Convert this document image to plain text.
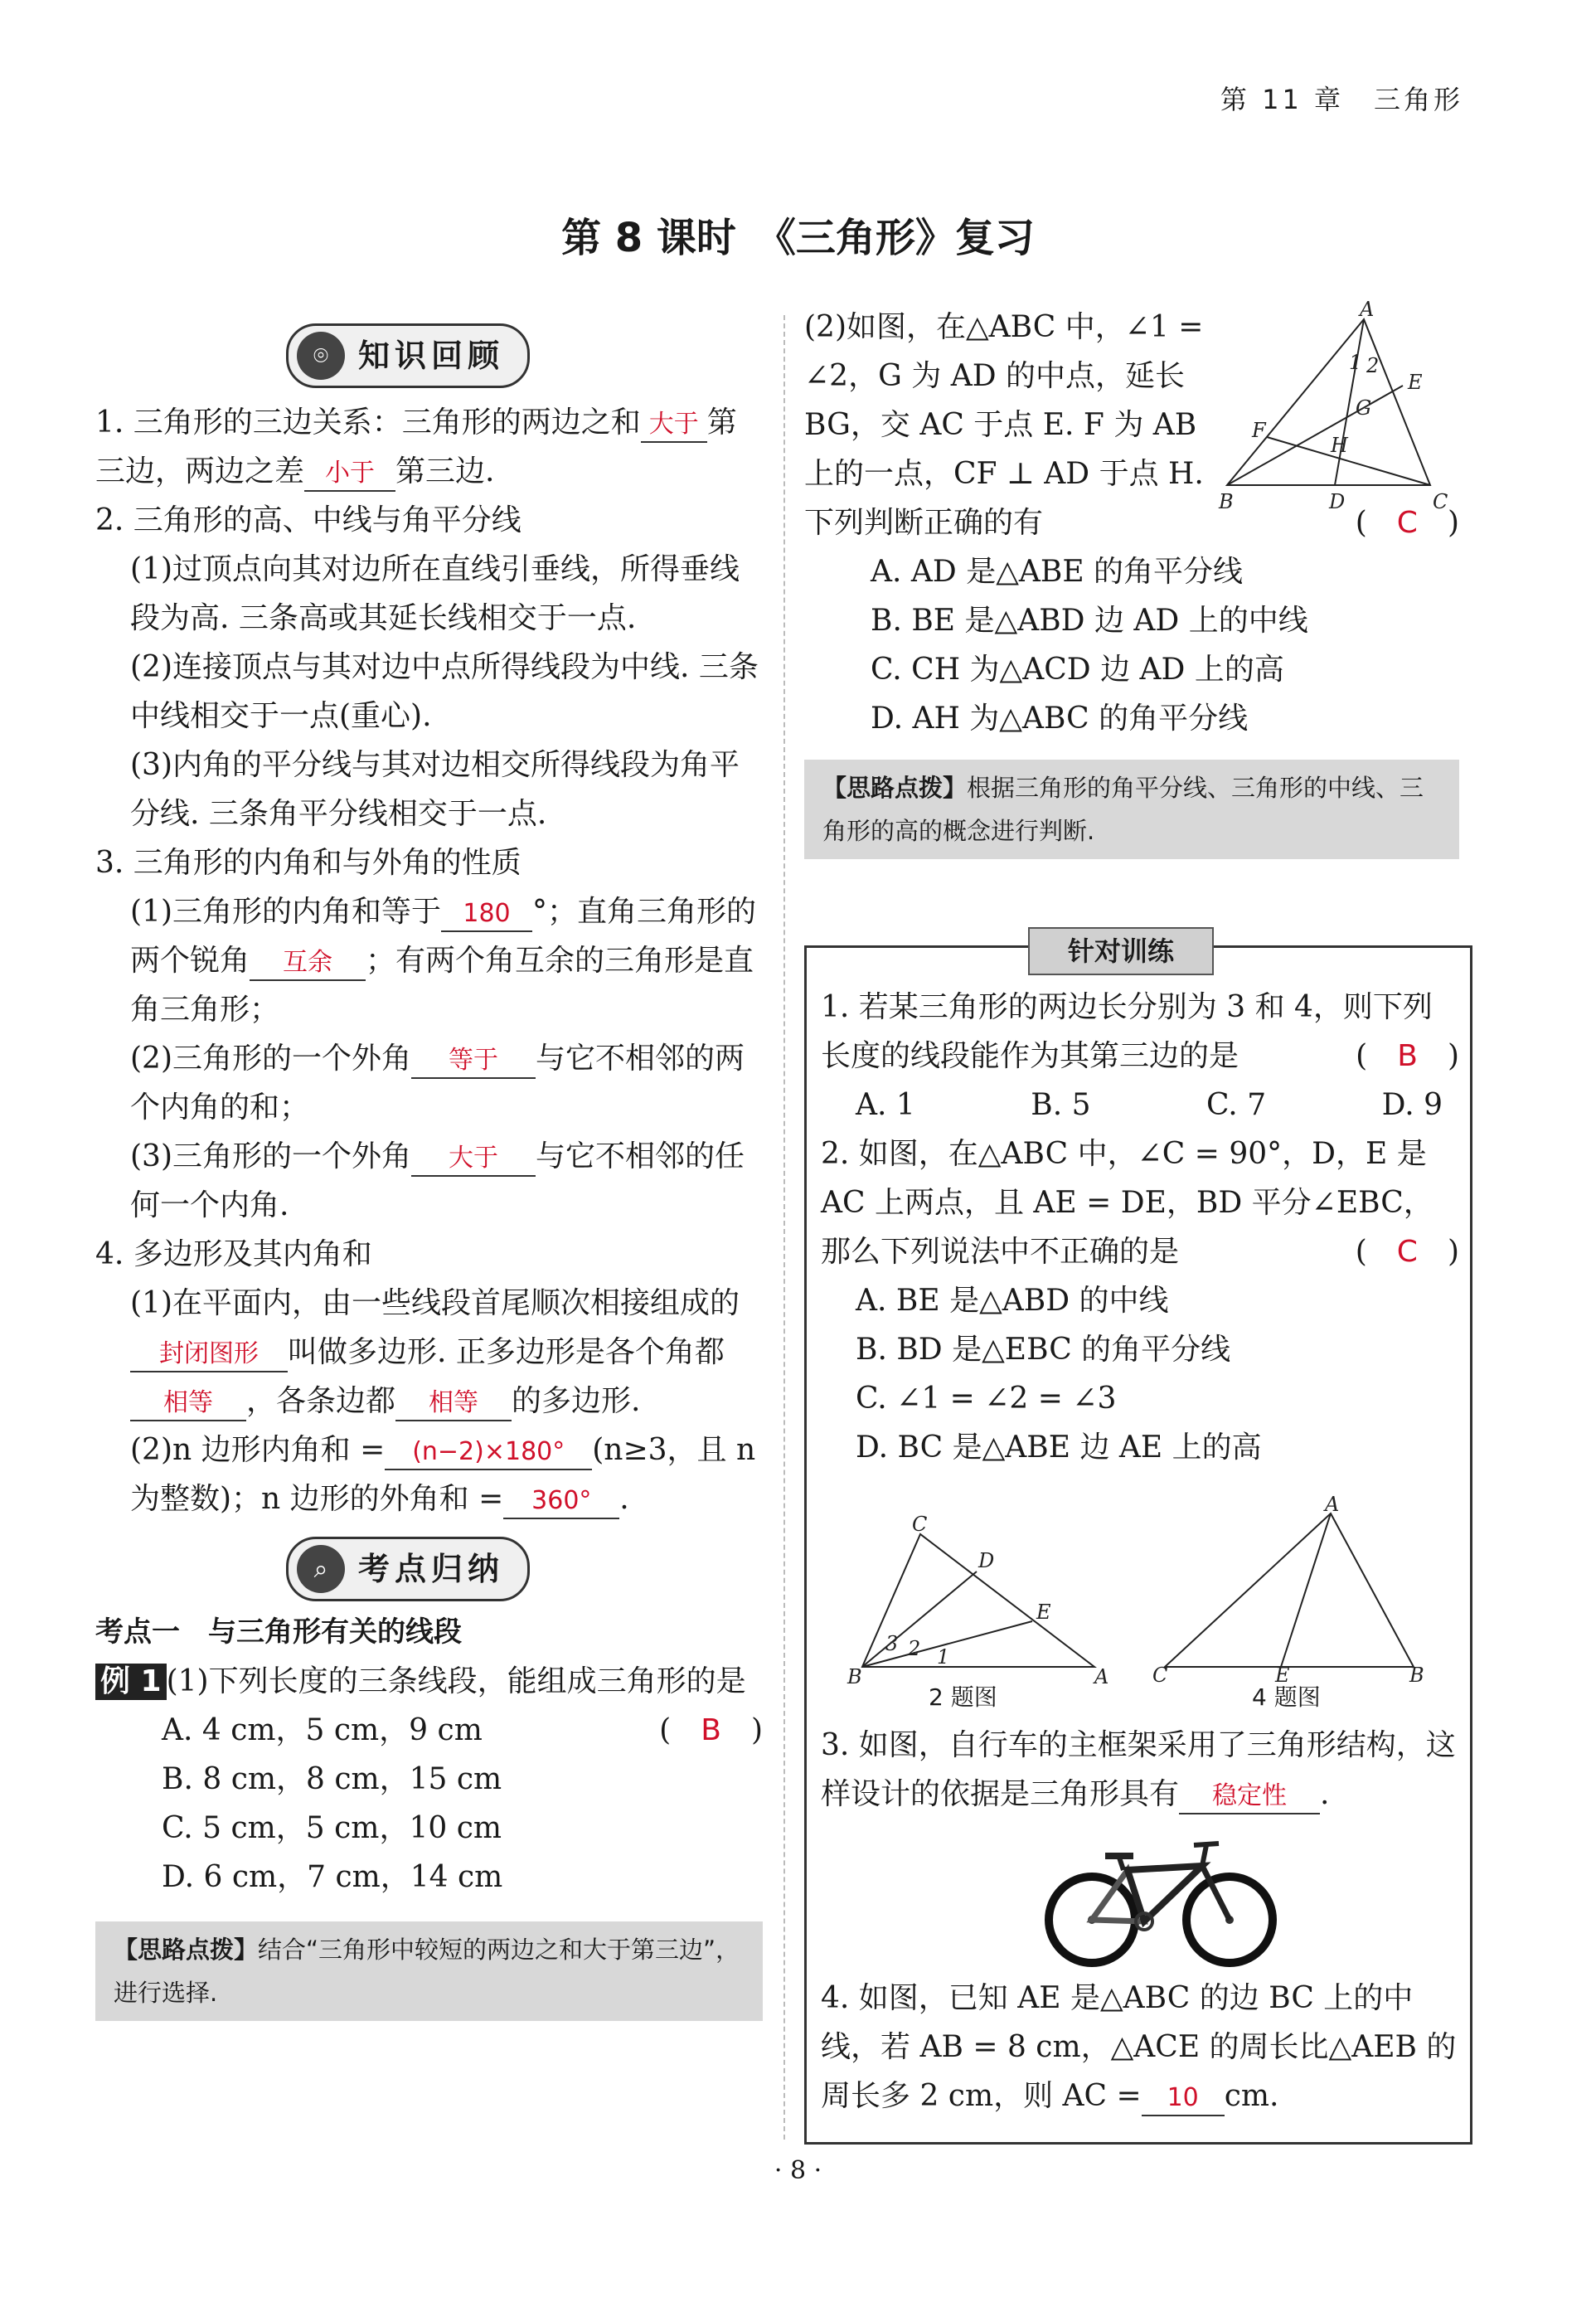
第 11 章　三角形
第 8 课时　《三角形》复习
⌾ 知识回顾

1. 三角形的三边关系：三角形的两边之和 大于 第三边，两边之差 小于 第三边.

2. 三角形的高、中线与角平分线

(1)过顶点向其对边所在直线引垂线，所得垂线段为高. 三条高或其延长线相交于一点.

(2)连接顶点与其对边中点所得线段为中线. 三条中线相交于一点(重心).

(3)内角的平分线与其对边相交所得线段为角平分线. 三条角平分线相交于一点.

3. 三角形的内角和与外角的性质

(1)三角形的内角和等于 180 °；直角三角形的两个锐角 互余 ；有两个角互余的三角形是直角三角形；

(2)三角形的一个外角 等于 与它不相邻的两个内角的和；

(3)三角形的一个外角 大于 与它不相邻的任何一个内角.

4. 多边形及其内角和

(1)在平面内，由一些线段首尾顺次相接组成的封闭图形 叫做多边形. 正多边形是各个角都相等 ，各条边都 相等 的多边形.

(2)n 边形内角和 = (n−2)×180° (n≥3，且 n 为整数)；n 边形的外角和 = 360° .

⌕ 考点归纳

考点一　与三角形有关的线段

例 1 (1)下列长度的三条线段，能组成三角形的是
(　 B　 )

A. 4 cm，5 cm，9 cm

B. 8 cm，8 cm，15 cm

C. 5 cm，5 cm，10 cm

D. 6 cm，7 cm，14 cm

【思路点拨】结合“三角形中较短的两边之和大于第三边”，进行选择.
A
B	C
D
E
F
G
H
1 2

(2)如图，在△ABC 中，∠1 = ∠2，G 为 AD 的中点，延长 BG，交 AC 于点 E. F 为 AB 上的一点，CF ⊥ AD 于点 H. 下列判断正确的有	(　 C　 )

A. AD 是△ABE 的角平分线

B. BE 是△ABD 边 AD 上的中线

C. CH 为△ACD 边 AD 上的高

D. AH 为△ABC 的角平分线

【思路点拨】根据三角形的角平分线、三角形的中线、三角形的高的概念进行判断.
针对训练

1. 若某三角形的两边长分别为 3 和 4，则下列长度的线段能作为其第三边的是	(　 B　 )

A. 1	B. 5	C. 7	D. 9

2. 如图，在△ABC 中，∠C = 90°，D，E 是 AC 上两点，且 AE = DE，BD 平分∠EBC，那么下列说法中不正确的是	(　 C　 )

A. BE 是△ABD 的中线

B. BD 是△EBC 的角平分线

C. ∠1 = ∠2 = ∠3

D. BC 是△ABE 边 AE 上的高

C
B	A
D
E
3 2 1
2 题图
A
C	E	B
4 题图

3. 如图，自行车的主框架采用了三角形结构，这样设计的依据是三角形具有 稳定性 .

4. 如图，已知 AE 是△ABC 的边 BC 上的中线，若 AB = 8 cm，△ACE 的周长比△AEB 的周长多 2 cm，则 AC = 10 cm.

· 8 ·
